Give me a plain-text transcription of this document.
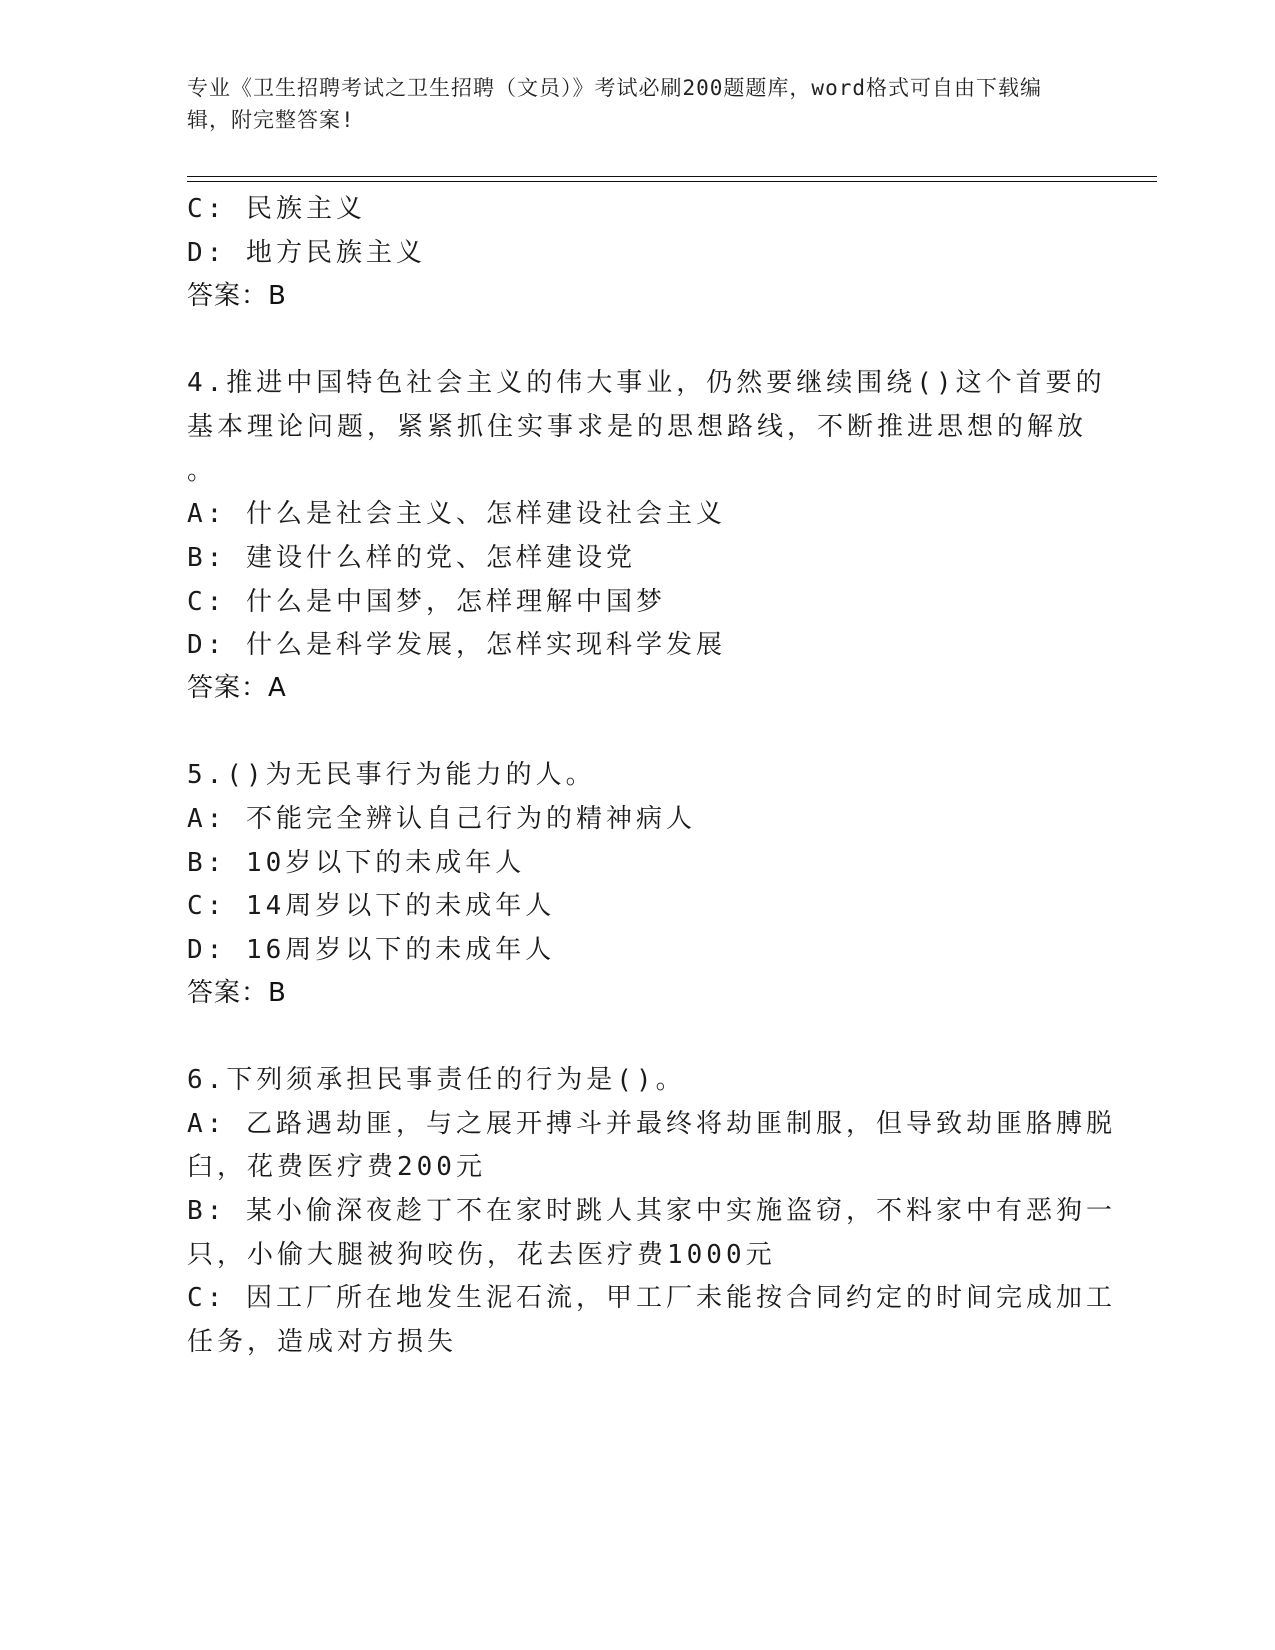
专业《卫生招聘考试之卫生招聘（文员）》考试必刷200题题库，word格式可自由下载编辑，附完整答案!
C: 民族主义
D: 地方民族主义
答案：B
4.推进中国特色社会主义的伟大事业，仍然要继续围绕()这个首要的
基本理论问题，紧紧抓住实事求是的思想路线，不断推进思想的解放
。
A: 什么是社会主义、怎样建设社会主义
B: 建设什么样的党、怎样建设党
C: 什么是中国梦，怎样理解中国梦
D: 什么是科学发展，怎样实现科学发展
答案：A
5.()为无民事行为能力的人。
A: 不能完全辨认自己行为的精神病人
B: 10岁以下的未成年人
C: 14周岁以下的未成年人
D: 16周岁以下的未成年人
答案：B
6.下列须承担民事责任的行为是()。
A: 乙路遇劫匪，与之展开搏斗并最终将劫匪制服，但导致劫匪胳膊脱
臼，花费医疗费200元
B: 某小偷深夜趁丁不在家时跳人其家中实施盗窃，不料家中有恶狗一
只，小偷大腿被狗咬伤，花去医疗费1000元
C: 因工厂所在地发生泥石流，甲工厂未能按合同约定的时间完成加工
任务，造成对方损失
